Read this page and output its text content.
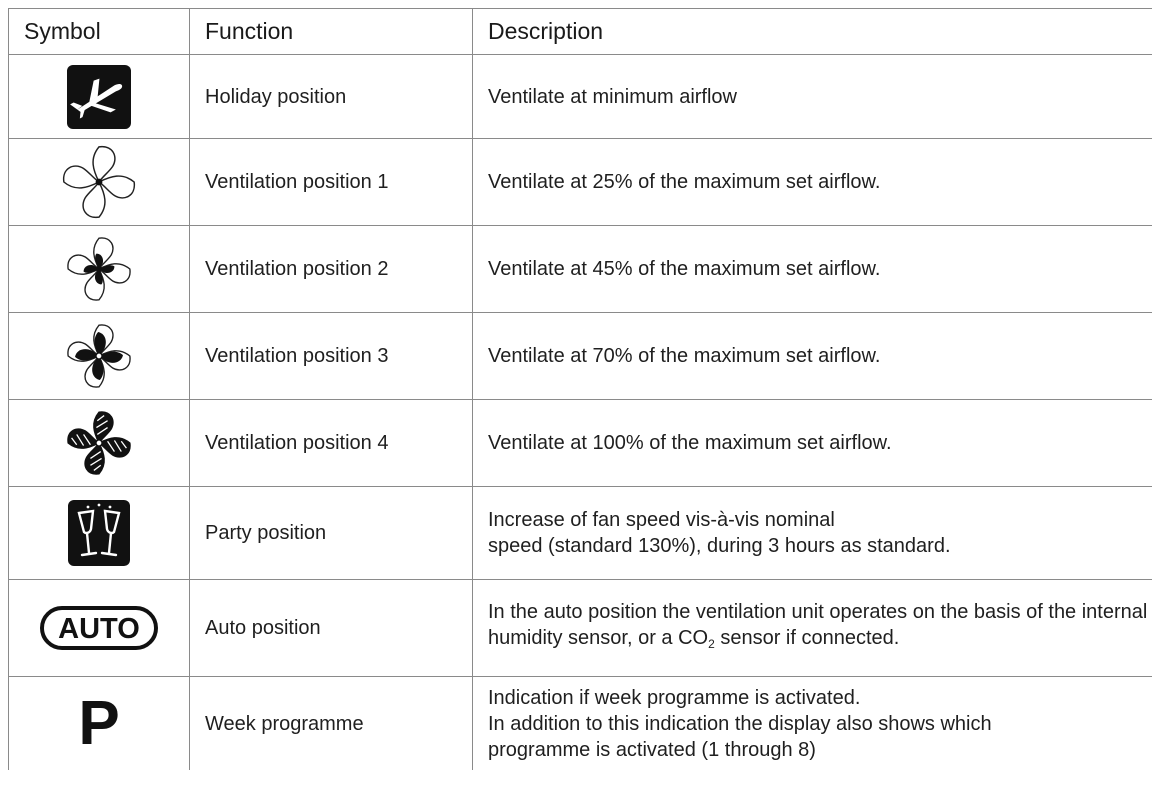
Symbol	Function	Description
	Holiday position	Ventilate at minimum airflow

	Ventilation position 1	Ventilate at 25% of the maximum set airflow.

	Ventilation position 2	Ventilate at 45% of the maximum set airflow.

	Ventilation position 3	Ventilate at 70% of the maximum set airflow.

	Ventilation position 4	Ventilate at 100% of the maximum set airflow.

	Party position	Increase of fan speed vis-à-vis nominal
speed (standard 130%), during 3 hours as standard.

AUTO	Auto position	In the auto position the ventilation unit operates on the basis of the internal humidity sensor, or a $CO_2$ sensor if connected.
P	Week programme	Indication if week programme is activated.
In addition to this indication the display also shows which
programme is activated (1 through 8)
